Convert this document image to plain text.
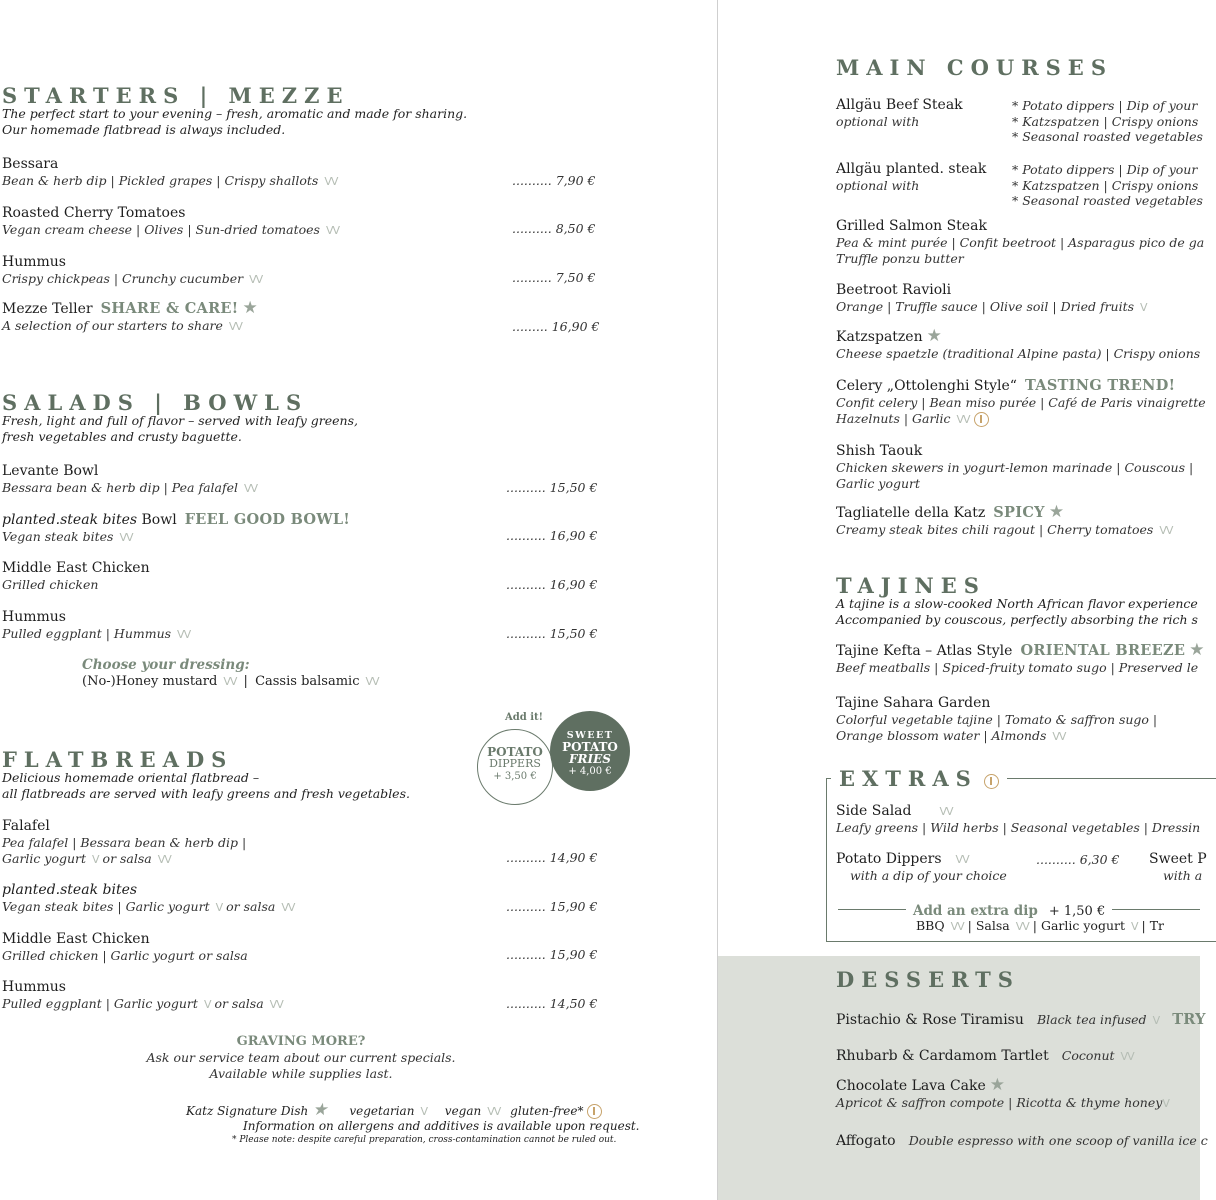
STARTERS | MEZZE
The perfect start to your evening – fresh, aromatic and made for sharing.
Our homemade flatbread is always included.
Bessara
Bean & herb dip | Pickled grapes | Crispy shallots ᐯᐯ	.......... 7,90 €
Roasted Cherry Tomatoes
Vegan cream cheese | Olives | Sun-dried tomatoes ᐯᐯ	.......... 8,50 €
Hummus
Crispy chickpeas | Crunchy cucumber ᐯᐯ	.......... 7,50 €
Mezze Teller SHARE & CARE! ★
A selection of our starters to share ᐯᐯ	......... 16,90 €
SALADS | BOWLS
Fresh, light and full of flavor – served with leafy greens,
fresh vegetables and crusty baguette.
Levante Bowl
Bessara bean & herb dip | Pea falafel ᐯᐯ	.......... 15,50 €
planted.steak bites Bowl FEEL GOOD BOWL!
Vegan steak bites ᐯᐯ	.......... 16,90 €
Middle East Chicken
Grilled chicken	.......... 16,90 €
Hummus
Pulled eggplant | Hummus ᐯᐯ	.......... 15,50 €
Choose your dressing:
(No-)Honey mustard ᐯᐯ | Cassis balsamic ᐯᐯ
Add it!
POTATO
DIPPERS
+ 3,50 €
SWEET
POTATO
FRIES
+ 4,00 €
FLATBREADS
Delicious homemade oriental flatbread –
all flatbreads are served with leafy greens and fresh vegetables.
Falafel
Pea falafel | Bessara bean & herb dip |
Garlic yogurt ᐯ or salsa ᐯᐯ	.......... 14,90 €
planted.steak bites
Vegan steak bites | Garlic yogurt ᐯ or salsa ᐯᐯ	.......... 15,90 €
Middle East Chicken
Grilled chicken | Garlic yogurt or salsa	.......... 15,90 €
Hummus
Pulled eggplant | Garlic yogurt ᐯ or salsa ᐯᐯ	.......... 14,50 €
GRAVING MORE?
Ask our service team about our current specials.
Available while supplies last.
Katz Signature Dish ★ vegetarian ᐯ vegan ᐯᐯ gluten-free*
Information on allergens and additives is available upon request.
* Please note: despite careful preparation, cross-contamination cannot be ruled out.
MAIN COURSES
Allgäu Beef Steak
optional with
* Potato dippers | Dip of your
* Katzspatzen | Crispy onions
* Seasonal roasted vegetables
Allgäu planted. steak
optional with
* Potato dippers | Dip of your
* Katzspatzen | Crispy onions
* Seasonal roasted vegetables
Grilled Salmon Steak
Pea & mint purée | Confit beetroot | Asparagus pico de ga
Truffle ponzu butter
Beetroot Ravioli
Orange | Truffle sauce | Olive soil | Dried fruits ᐯ
Katzspatzen ★
Cheese spaetzle (traditional Alpine pasta) | Crispy onions
Celery „Ottolenghi Style“ TASTING TREND!
Confit celery | Bean miso purée | Café de Paris vinaigrette
Hazelnuts | Garlic ᐯᐯ
Shish Taouk
Chicken skewers in yogurt-lemon marinade | Couscous |
Garlic yogurt
Tagliatelle della Katz SPICY ★
Creamy steak bites chili ragout | Cherry tomatoes ᐯᐯ
TAJINES
A tajine is a slow-cooked North African flavor experience
Accompanied by couscous, perfectly absorbing the rich s
Tajine Kefta – Atlas Style ORIENTAL BREEZE ★
Beef meatballs | Spiced-fruity tomato sugo | Preserved le
Tajine Sahara Garden
Colorful vegetable tajine | Tomato & saffron sugo |
Orange blossom water | Almonds ᐯᐯ
EXTRAS
Side Salad	ᐯᐯ
Leafy greens | Wild herbs | Seasonal vegetables | Dressin
Potato Dippers ᐯᐯ
with a dip of your choice
.......... 6,30 € Sweet P
with a
Add an extra dip + 1,50 €
BBQ ᐯᐯ | Salsa ᐯᐯ | Garlic yogurt ᐯ | Tr
DESSERTS
Pistachio & Rose Tiramisu Black tea infused ᐯ TRY
Rhubarb & Cardamom Tartlet Coconut ᐯᐯ
Chocolate Lava Cake ★
Apricot & saffron compote | Ricotta & thyme honeyᐯ
Affogato Double espresso with one scoop of vanilla ice c
